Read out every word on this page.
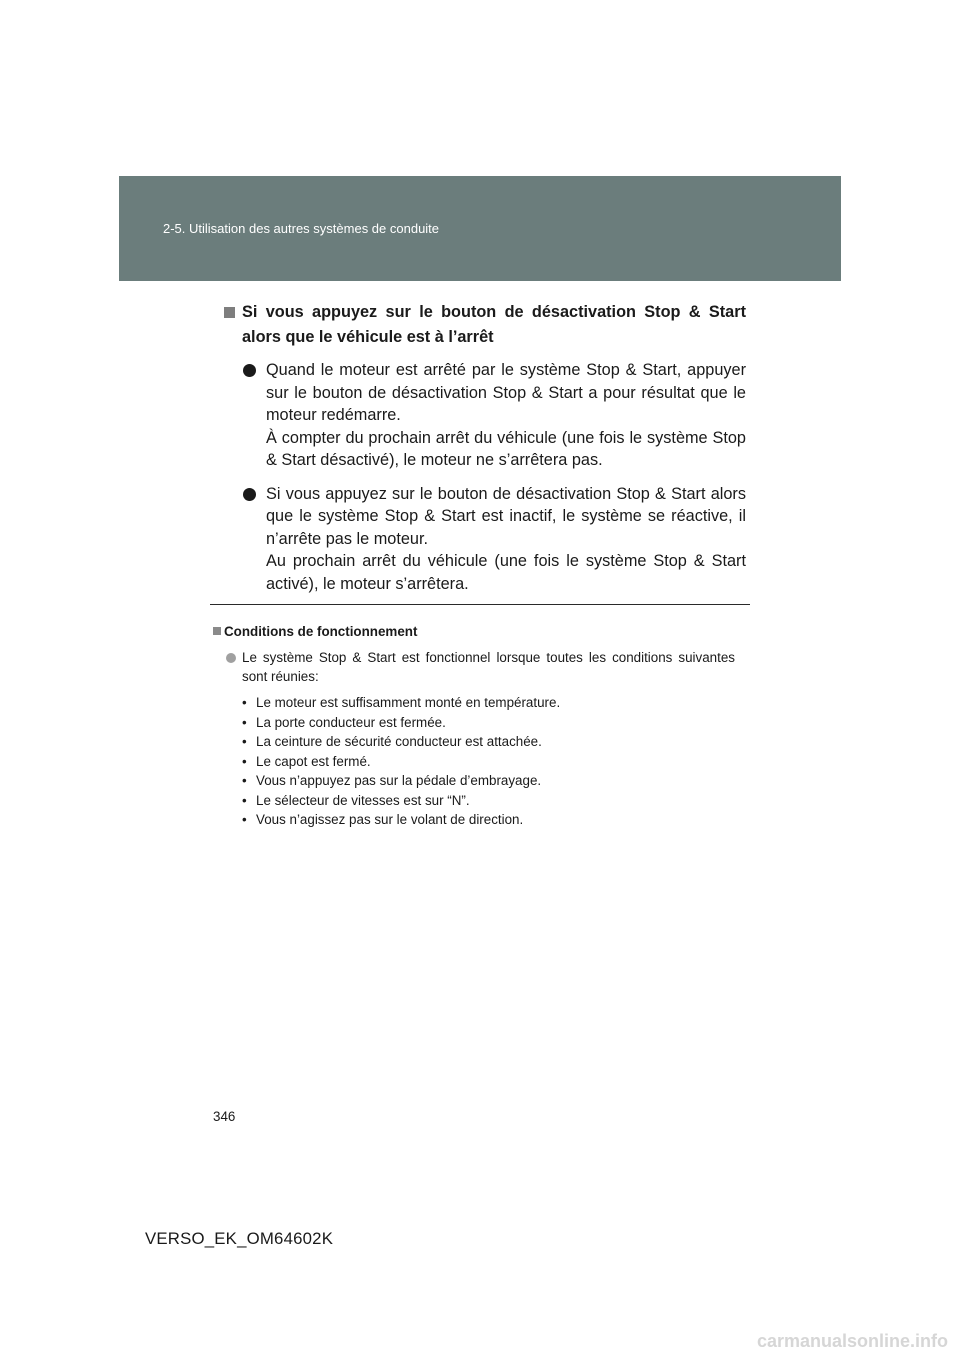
2-5. Utilisation des autres systèmes de conduite
Si vous appuyez sur le bouton de désactivation Stop & Start alors que le véhicule est à l’arrêt

Quand le moteur est arrêté par le système Stop & Start, appuyer sur le bouton de désactivation Stop & Start a pour résultat que le moteur redémarre.

À compter du prochain arrêt du véhicule (une fois le système Stop & Start désactivé), le moteur ne s’arrêtera pas.

Si vous appuyez sur le bouton de désactivation Stop & Start alors que le système Stop & Start est inactif, le système se réactive, il n’arrête pas le moteur.

Au prochain arrêt du véhicule (une fois le système Stop & Start activé), le moteur s’arrêtera.

Conditions de fonctionnement
Le système Stop & Start est fonctionnel lorsque toutes les conditions suivantes sont réunies:
• Le moteur est suffisamment monté en température.
• La porte conducteur est fermée.
• La ceinture de sécurité conducteur est attachée.
• Le capot est fermé.
• Vous n’appuyez pas sur la pédale d’embrayage.
• Le sélecteur de vitesses est sur “N”.
• Vous n’agissez pas sur le volant de direction.
346
VERSO_EK_OM64602K
carmanualsonline.info
